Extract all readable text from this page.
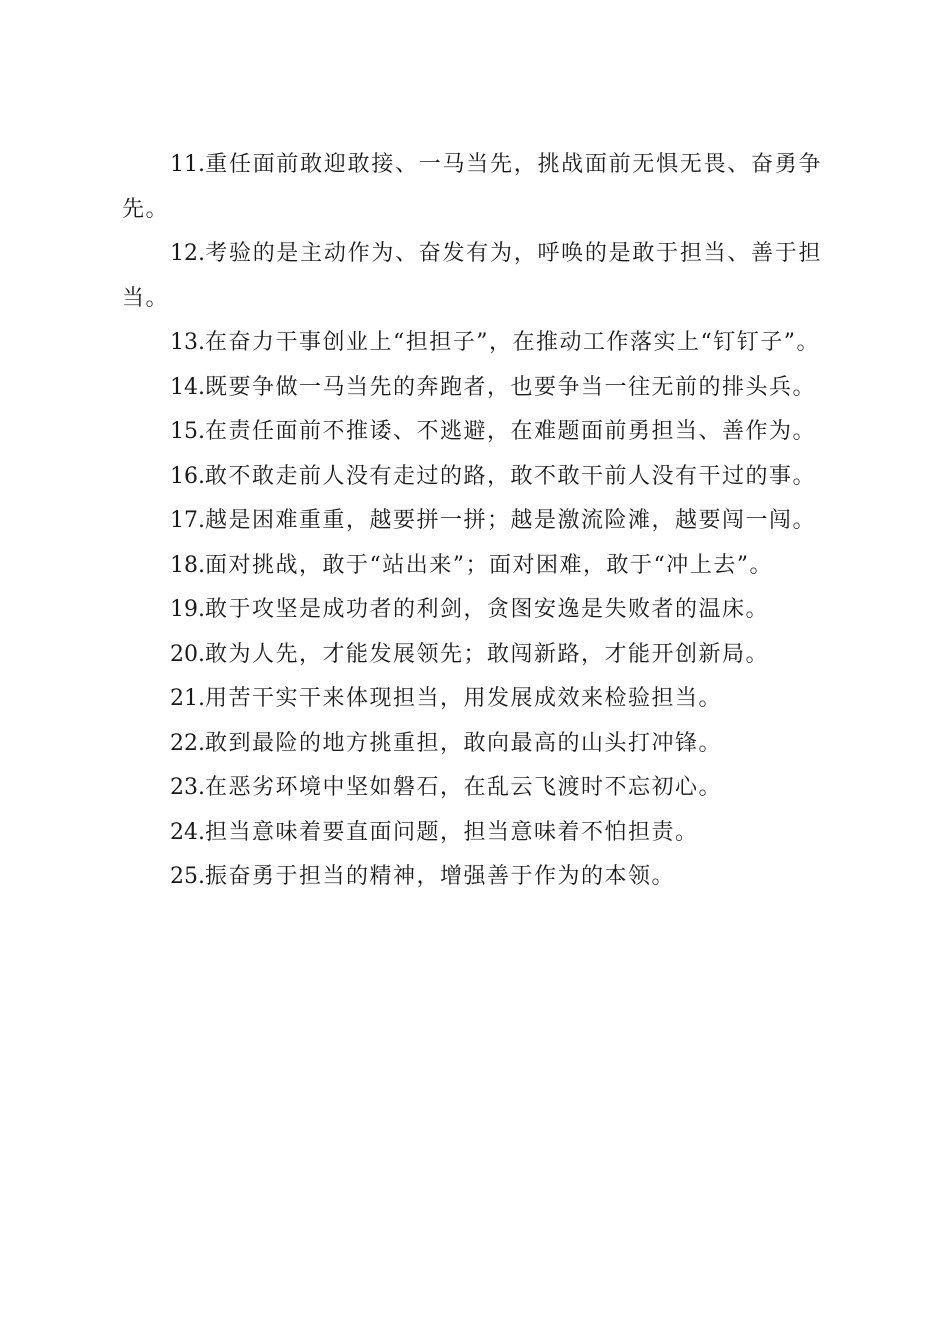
11.重任面前敢迎敢接、一马当先，挑战面前无惧无畏、奋勇争先。

12.考验的是主动作为、奋发有为，呼唤的是敢于担当、善于担当。

13.在奋力干事创业上“担担子”，在推动工作落实上“钉钉子”。

14.既要争做一马当先的奔跑者，也要争当一往无前的排头兵。

15.在责任面前不推诿、不逃避，在难题面前勇担当、善作为。

16.敢不敢走前人没有走过的路，敢不敢干前人没有干过的事。

17.越是困难重重，越要拼一拼；越是激流险滩，越要闯一闯。

18.面对挑战，敢于“站出来”；面对困难，敢于“冲上去”。

19.敢于攻坚是成功者的利剑，贪图安逸是失败者的温床。

20.敢为人先，才能发展领先；敢闯新路，才能开创新局。

21.用苦干实干来体现担当，用发展成效来检验担当。

22.敢到最险的地方挑重担，敢向最高的山头打冲锋。

23.在恶劣环境中坚如磐石，在乱云飞渡时不忘初心。

24.担当意味着要直面问题，担当意味着不怕担责。

25.振奋勇于担当的精神，增强善于作为的本领。
